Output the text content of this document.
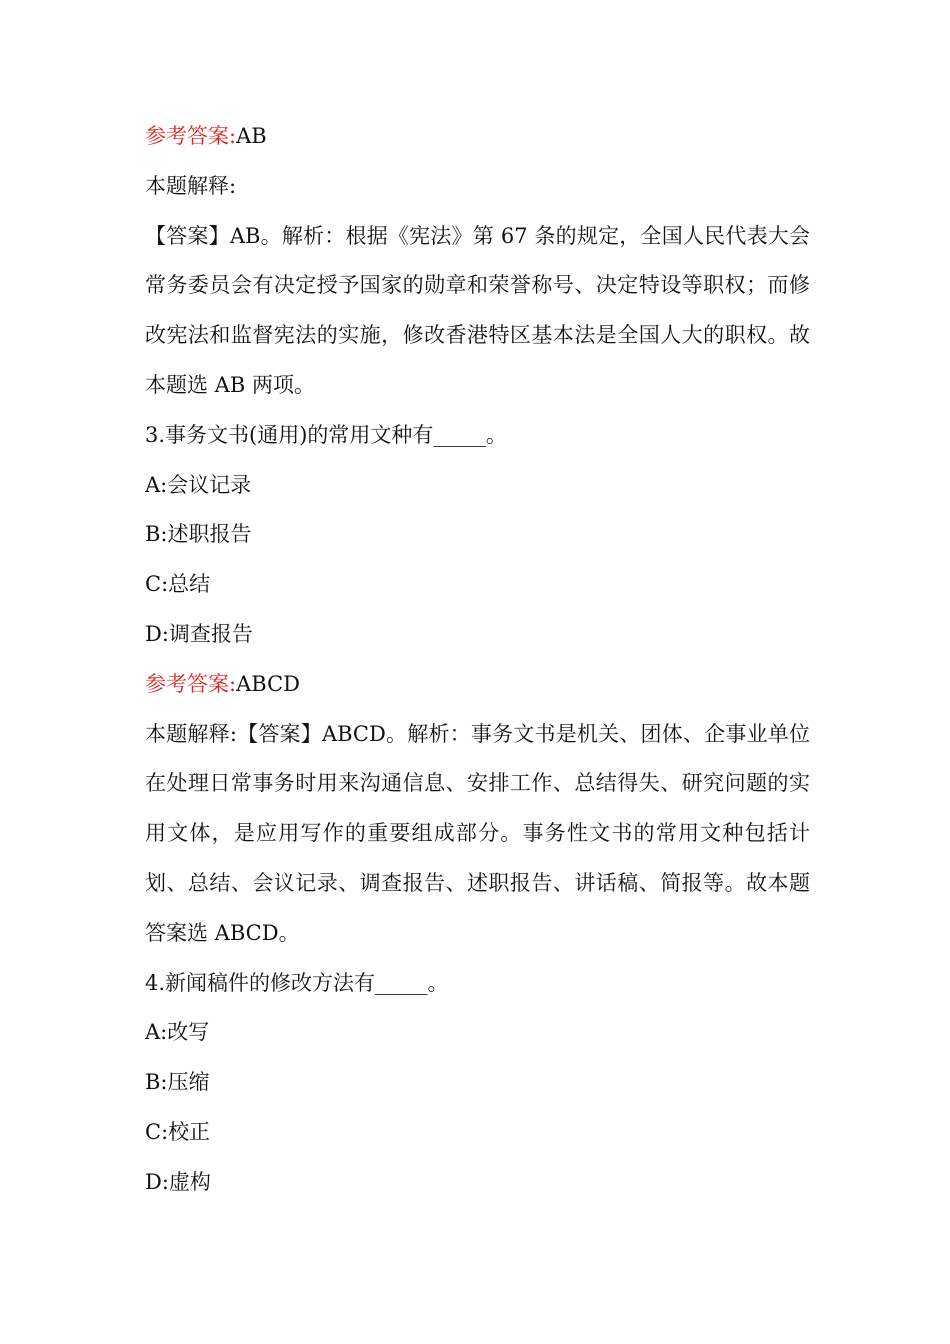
参考答案:AB
本题解释:
【答案】AB。解析：根据《宪法》第 67 条的规定，全国人民代表大会常务委员会有决定授予国家的勋章和荣誉称号、决定特设等职权；而修改宪法和监督宪法的实施，修改香港特区基本法是全国人大的职权。故本题选 AB 两项。
3.事务文书(通用)的常用文种有_____。
A:会议记录
B:述职报告
C:总结
D:调查报告
参考答案:ABCD
本题解释:【答案】ABCD。解析：事务文书是机关、团体、企事业单位在处理日常事务时用来沟通信息、安排工作、总结得失、研究问题的实用文体，是应用写作的重要组成部分。事务性文书的常用文种包括计划、总结、会议记录、调查报告、述职报告、讲话稿、简报等。故本题答案选 ABCD。
4.新闻稿件的修改方法有_____。
A:改写
B:压缩
C:校正
D:虚构
